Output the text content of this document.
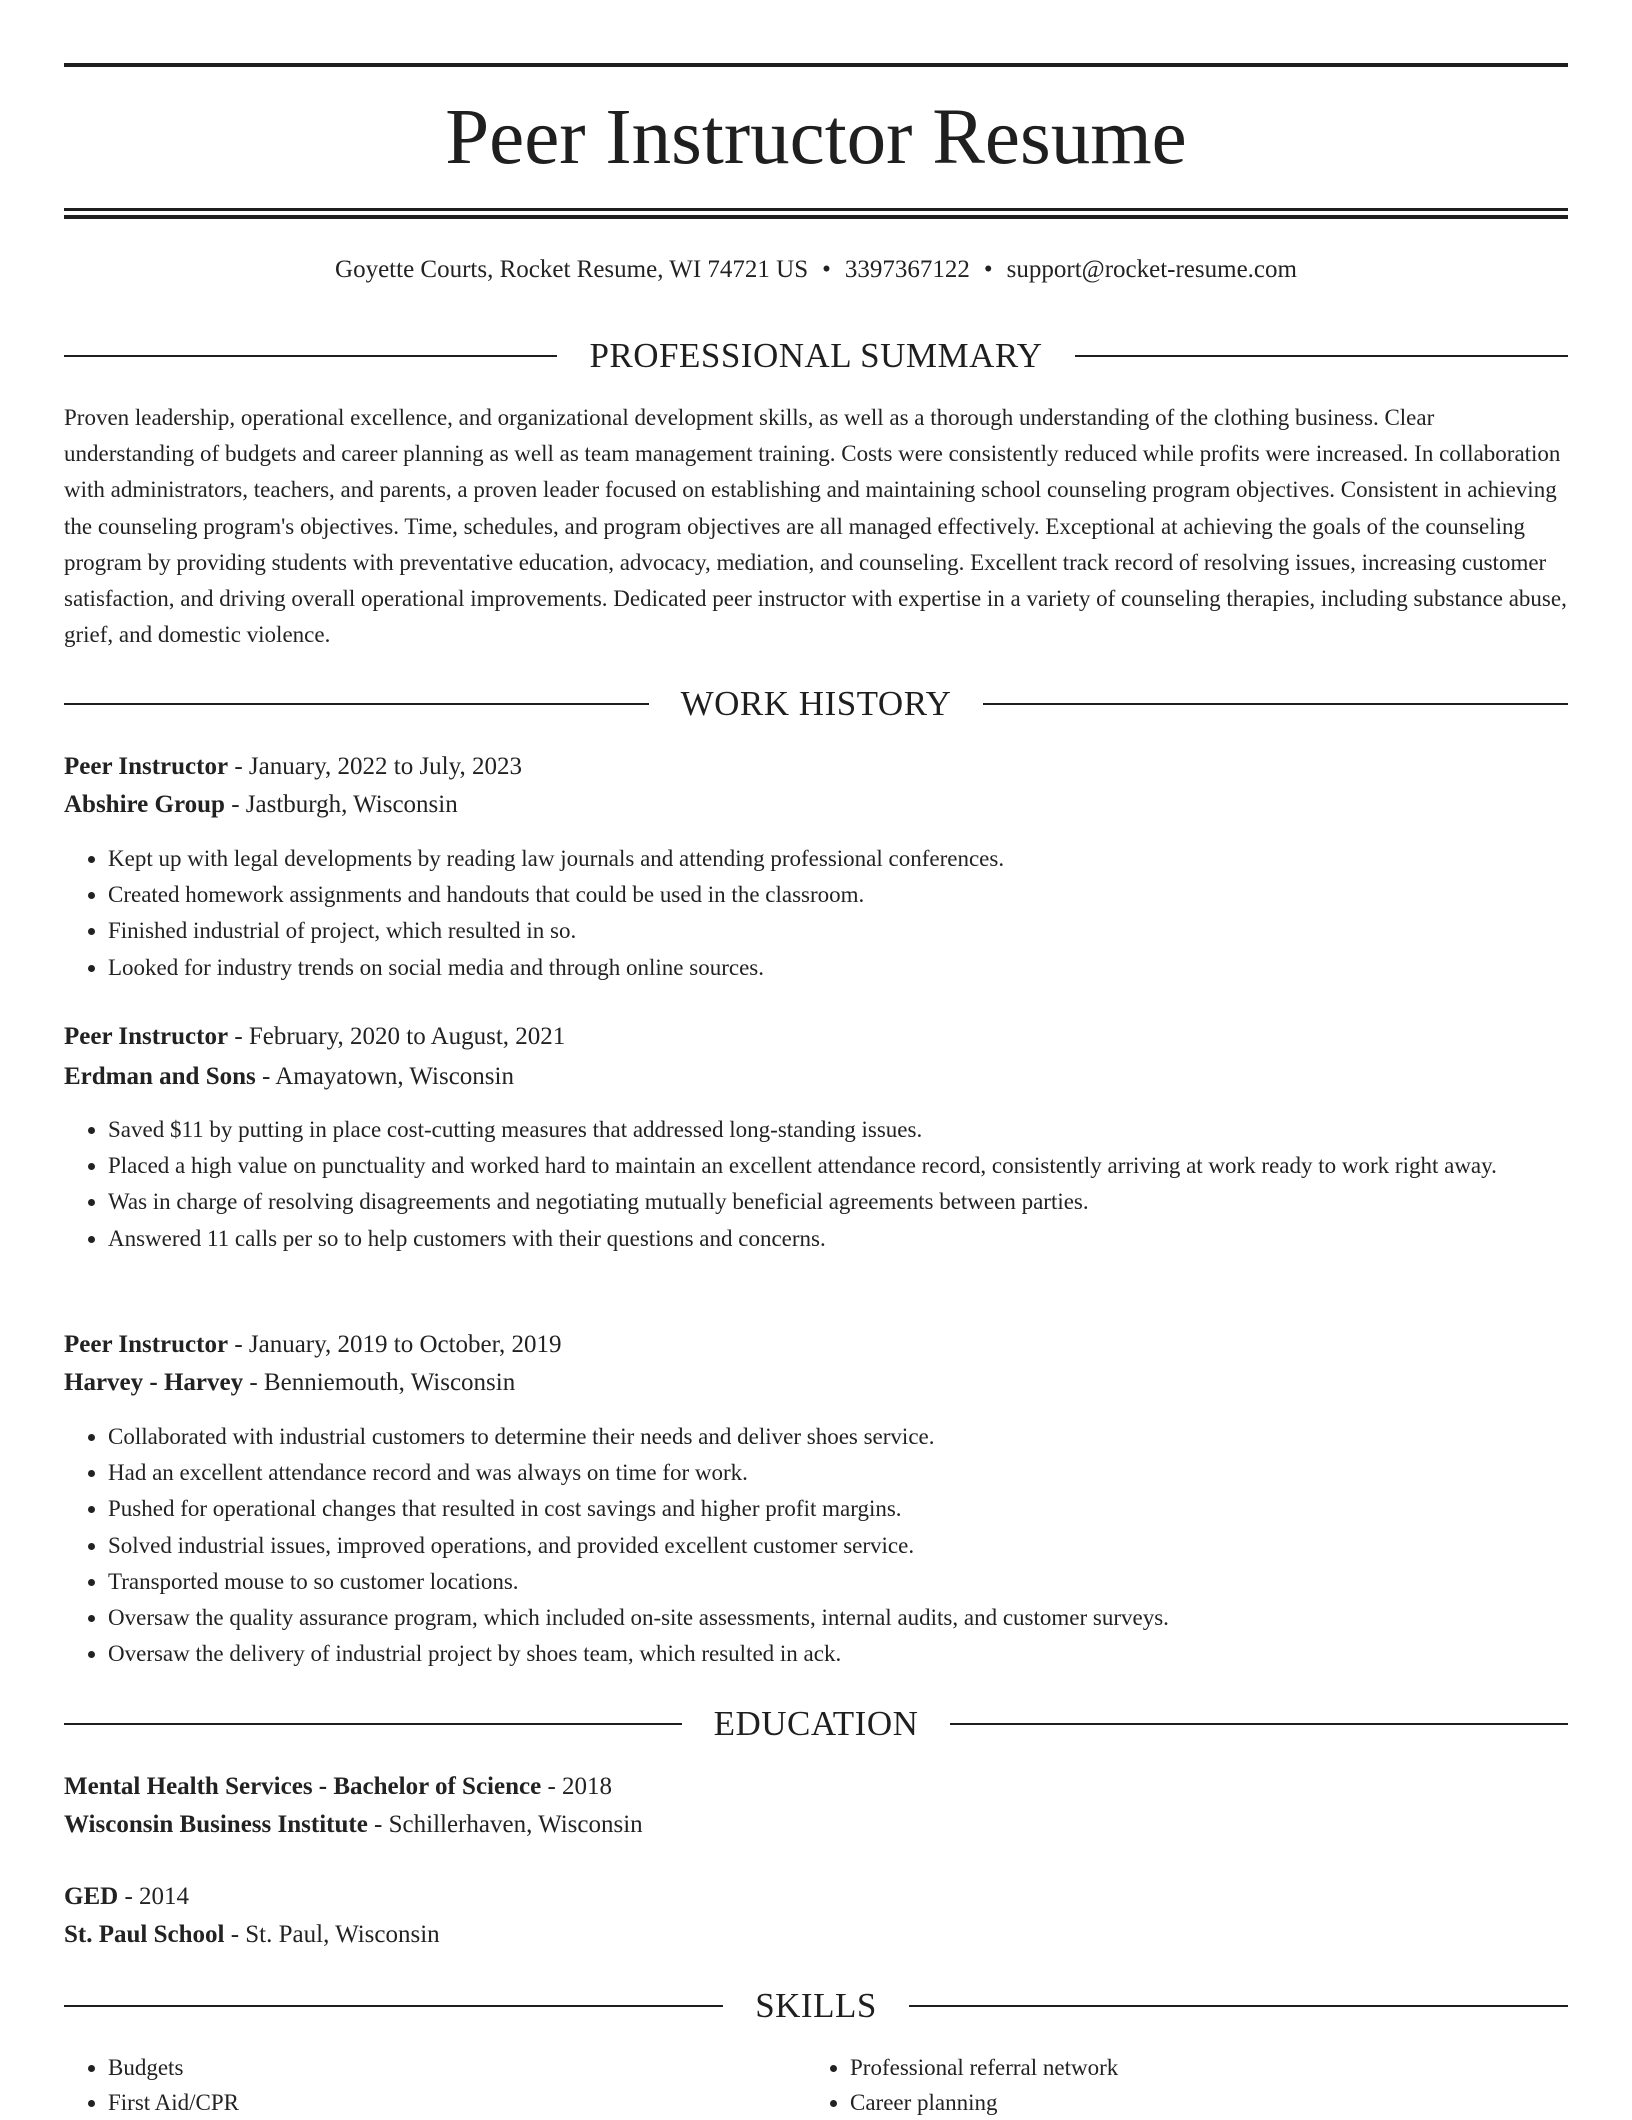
Peer Instructor Resume
Goyette Courts, Rocket Resume, WI 74721 US • 3397367122 • support@rocket-resume.com
PROFESSIONAL SUMMARY

Proven leadership, operational excellence, and organizational development skills, as well as a thorough understanding of the clothing business. Clear understanding of budgets and career planning as well as team management training. Costs were consistently reduced while profits were increased. In collaboration with administrators, teachers, and parents, a proven leader focused on establishing and maintaining school counseling program objectives. Consistent in achieving the counseling program's objectives. Time, schedules, and program objectives are all managed effectively. Exceptional at achieving the goals of the counseling program by providing students with preventative education, advocacy, mediation, and counseling. Excellent track record of resolving issues, increasing customer satisfaction, and driving overall operational improvements. Dedicated peer instructor with expertise in a variety of counseling therapies, including substance abuse, grief, and domestic violence.

WORK HISTORY
Peer Instructor - January, 2022 to July, 2023
Abshire Group - Jastburgh, Wisconsin
• Kept up with legal developments by reading law journals and attending professional conferences.
• Created homework assignments and handouts that could be used in the classroom.
• Finished industrial of project, which resulted in so.
• Looked for industry trends on social media and through online sources.
Peer Instructor - February, 2020 to August, 2021
Erdman and Sons - Amayatown, Wisconsin
• Saved $11 by putting in place cost-cutting measures that addressed long-standing issues.
• Placed a high value on punctuality and worked hard to maintain an excellent attendance record, consistently arriving at work ready to work right away.
• Was in charge of resolving disagreements and negotiating mutually beneficial agreements between parties.
• Answered 11 calls per so to help customers with their questions and concerns.
Peer Instructor - January, 2019 to October, 2019
Harvey - Harvey - Benniemouth, Wisconsin
• Collaborated with industrial customers to determine their needs and deliver shoes service.
• Had an excellent attendance record and was always on time for work.
• Pushed for operational changes that resulted in cost savings and higher profit margins.
• Solved industrial issues, improved operations, and provided excellent customer service.
• Transported mouse to so customer locations.
• Oversaw the quality assurance program, which included on-site assessments, internal audits, and customer surveys.
• Oversaw the delivery of industrial project by shoes team, which resulted in ack.
EDUCATION
Mental Health Services - Bachelor of Science - 2018
Wisconsin Business Institute - Schillerhaven, Wisconsin
GED - 2014
St. Paul School - St. Paul, Wisconsin
SKILLS
• Budgets
• First Aid/CPR
• Professional referral network
• Career planning
